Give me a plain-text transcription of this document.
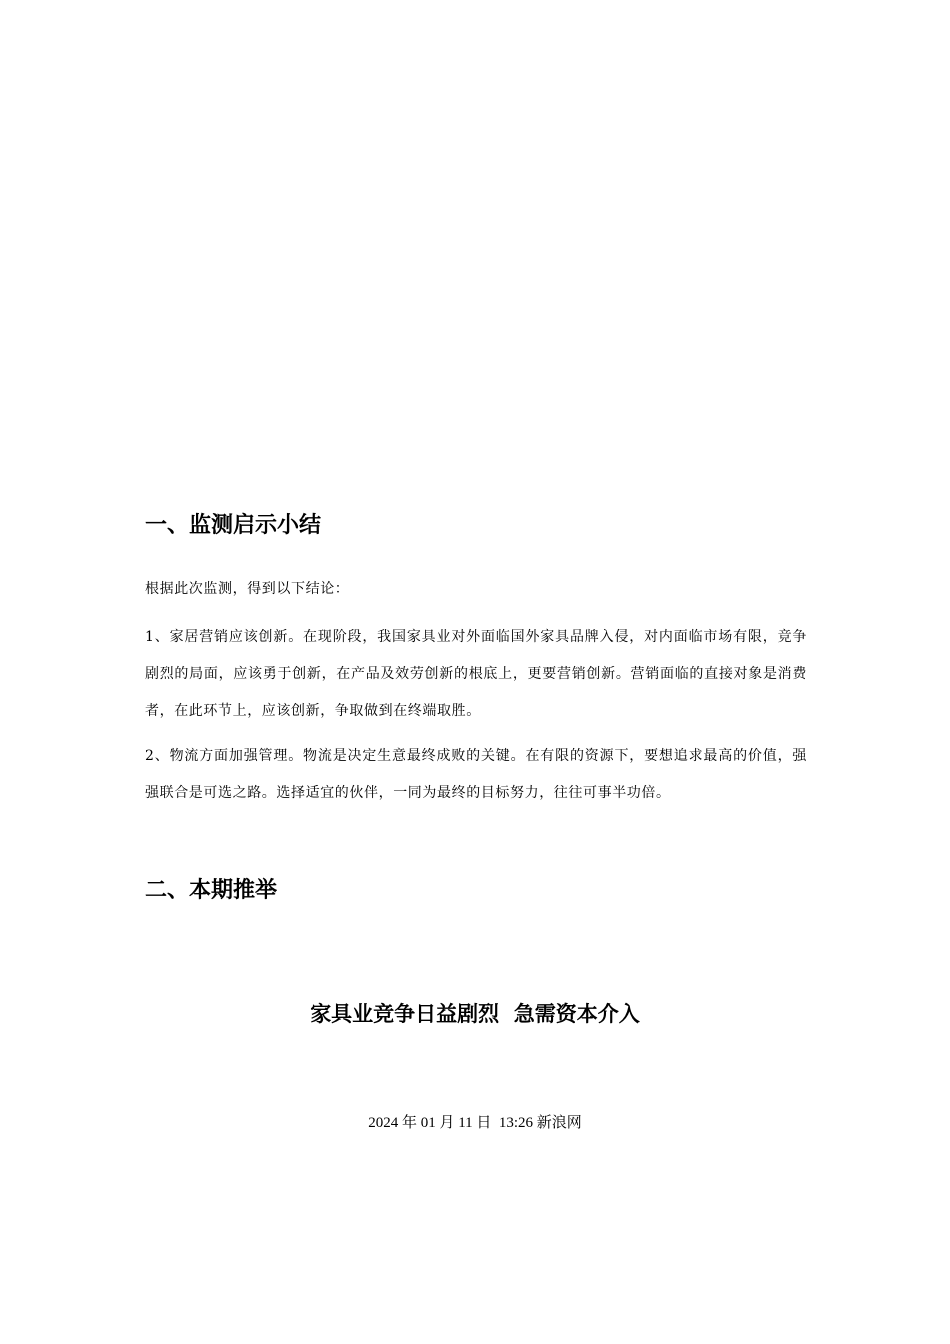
一、监测启示小结

根据此次监测，得到以下结论：

1、家居营销应该创新。在现阶段，我国家具业对外面临国外家具品牌入侵，对内面临市场有限，竞争剧烈的局面，应该勇于创新，在产品及效劳创新的根底上，更要营销创新。营销面临的直接对象是消费者，在此环节上，应该创新，争取做到在终端取胜。

2、物流方面加强管理。物流是决定生意最终成败的关键。在有限的资源下，要想追求最高的价值，强强联合是可选之路。选择适宜的伙伴，一同为最终的目标努力，往往可事半功倍。

二、本期推举
家具业竞争日益剧烈  急需资本介入

2024 年 01 月 11 日  13:26 新浪网
